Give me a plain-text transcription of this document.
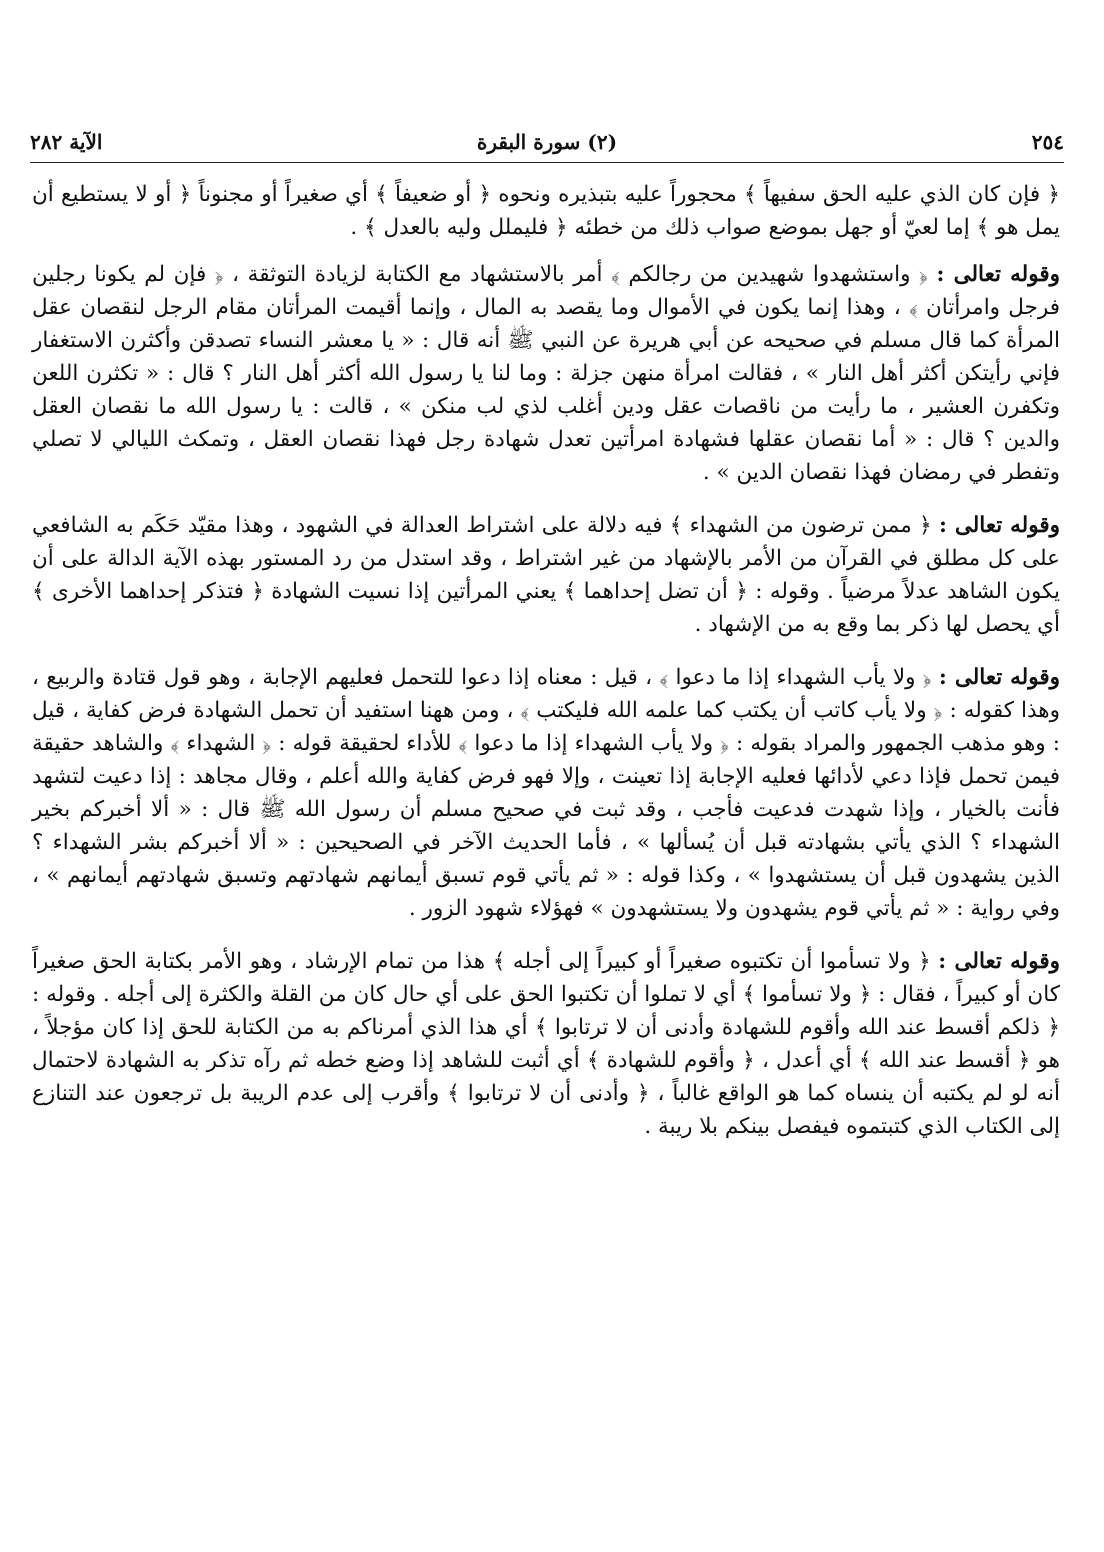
٢٥٤
(٢) سورة البقرة
الآية ٢٨٢

﴿ فإن كان الذي عليه الحق سفيهاً ﴾ محجوراً عليه بتبذيره ونحوه ﴿ أو ضعيفاً ﴾ أي صغيراً أو مجنوناً ﴿ أو لا يستطيع أن يمل هو ﴾ إما لعيّ أو جهل بموضع صواب ذلك من خطئه ﴿ فليملل وليه بالعدل ﴾ .

وقوله تعالى : ﴿ واستشهدوا شهيدين من رجالكم ﴾ أمر بالاستشهاد مع الكتابة لزيادة التوثقة ، ﴿ فإن لم يكونا رجلين فرجل وامرأتان ﴾ ، وهذا إنما يكون في الأموال وما يقصد به المال ، وإنما أقيمت المرأتان مقام الرجل لنقصان عقل المرأة كما قال مسلم في صحيحه عن أبي هريرة عن النبي ﷺ أنه قال : « يا معشر النساء تصدقن وأكثرن الاستغفار فإني رأيتكن أكثر أهل النار » ، فقالت امرأة منهن جزلة : وما لنا يا رسول الله أكثر أهل النار ؟ قال : « تكثرن اللعن وتكفرن العشير ، ما رأيت من ناقصات عقل ودين أغلب لذي لب منكن » ، قالت : يا رسول الله ما نقصان العقل والدين ؟ قال : « أما نقصان عقلها فشهادة امرأتين تعدل شهادة رجل فهذا نقصان العقل ، وتمكث الليالي لا تصلي وتفطر في رمضان فهذا نقصان الدين » .

وقوله تعالى : ﴿ ممن ترضون من الشهداء ﴾ فيه دلالة على اشتراط العدالة في الشهود ، وهذا مقيّد حَكَم به الشافعي على كل مطلق في القرآن من الأمر بالإشهاد من غير اشتراط ، وقد استدل من رد المستور بهذه الآية الدالة على أن يكون الشاهد عدلاً مرضياً . وقوله : ﴿ أن تضل إحداهما ﴾ يعني المرأتين إذا نسيت الشهادة ﴿ فتذكر إحداهما الأخرى ﴾ أي يحصل لها ذكر بما وقع به من الإشهاد .

وقوله تعالى : ﴿ ولا يأب الشهداء إذا ما دعوا ﴾ ، قيل : معناه إذا دعوا للتحمل فعليهم الإجابة ، وهو قول قتادة والربيع ، وهذا كقوله : ﴿ ولا يأب كاتب أن يكتب كما علمه الله فليكتب ﴾ ، ومن ههنا استفيد أن تحمل الشهادة فرض كفاية ، قيل : وهو مذهب الجمهور والمراد بقوله : ﴿ ولا يأب الشهداء إذا ما دعوا ﴾ للأداء لحقيقة قوله : ﴿ الشهداء ﴾ والشاهد حقيقة فيمن تحمل فإذا دعي لأدائها فعليه الإجابة إذا تعينت ، وإلا فهو فرض كفاية والله أعلم ، وقال مجاهد : إذا دعيت لتشهد فأنت بالخيار ، وإذا شهدت فدعيت فأجب ، وقد ثبت في صحيح مسلم أن رسول الله ﷺ قال : « ألا أخبركم بخير الشهداء ؟ الذي يأتي بشهادته قبل أن يُسألها » ، فأما الحديث الآخر في الصحيحين : « ألا أخبركم بشر الشهداء ؟ الذين يشهدون قبل أن يستشهدوا » ، وكذا قوله : « ثم يأتي قوم تسبق أيمانهم شهادتهم وتسبق شهادتهم أيمانهم » ، وفي رواية : « ثم يأتي قوم يشهدون ولا يستشهدون » فهؤلاء شهود الزور .

وقوله تعالى : ﴿ ولا تسأموا أن تكتبوه صغيراً أو كبيراً إلى أجله ﴾ هذا من تمام الإرشاد ، وهو الأمر بكتابة الحق صغيراً كان أو كبيراً ، فقال : ﴿ ولا تسأموا ﴾ أي لا تملوا أن تكتبوا الحق على أي حال كان من القلة والكثرة إلى أجله . وقوله : ﴿ ذلكم أقسط عند الله وأقوم للشهادة وأدنى أن لا ترتابوا ﴾ أي هذا الذي أمرناكم به من الكتابة للحق إذا كان مؤجلاً ، هو ﴿ أقسط عند الله ﴾ أي أعدل ، ﴿ وأقوم للشهادة ﴾ أي أثبت للشاهد إذا وضع خطه ثم رآه تذكر به الشهادة لاحتمال أنه لو لم يكتبه أن ينساه كما هو الواقع غالباً ، ﴿ وأدنى أن لا ترتابوا ﴾ وأقرب إلى عدم الريبة بل ترجعون عند التنازع إلى الكتاب الذي كتبتموه فيفصل بينكم بلا ريبة .
